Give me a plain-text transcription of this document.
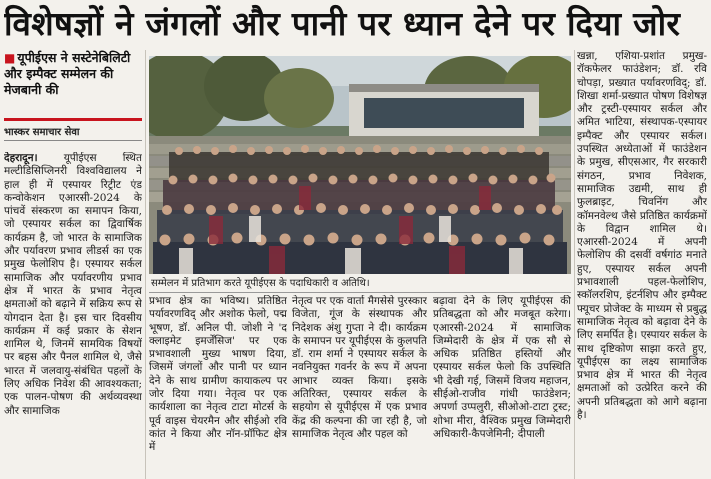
विशेषज्ञों ने जंगलों और पानी पर ध्यान देने पर दिया जोर
■ यूपीईएस ने सस्टेनेबिलिटी और इम्पैक्ट सम्मेलन की मेजबानी की
भास्कर समाचार सेवा
देहरादून। यूपीईएस स्थित मल्टीडिसिप्लिनरी विश्वविद्यालय ने हाल ही में एस्पायर रिट्रीट एंड कन्वोकेशन एआरसी-2024 के पांचवें संस्करण का समापन किया, जो एस्पायर सर्कल का द्विवार्षिक कार्यक्रम है, जो भारत के सामाजिक और पर्यावरण प्रभाव लीडर्स का एक प्रमुख फेलोशिप है। एस्पायर सर्कल सामाजिक और पर्यावरणीय प्रभाव क्षेत्र में भारत के प्रभाव नेतृत्व क्षमताओं को बढ़ाने में सक्रिय रूप से योगदान देता है। इस चार दिवसीय कार्यक्रम में कई प्रकार के सेशन शामिल थे, जिनमें सामयिक विषयों पर बहस और पैनल शामिल थे, जैसे भारत में जलवायु-संबंधित पहलों के लिए अधिक निवेश की आवश्यकता; एक पालन-पोषण की अर्थव्यवस्था और सामाजिक
सम्मेलन में प्रतिभाग करते यूपीईएस के पदाधिकारी व अतिथि।
प्रभाव क्षेत्र का भविष्य। प्रतिष्ठित पर्यावरणविद् और अशोक फेलो, पद्म भूषण, डॉ. अनिल पी. जोशी ने 'द क्लाइमेट इमर्जेंसिज' पर एक प्रभावशाली मुख्य भाषण दिया, जिसमें जंगलों और पानी पर ध्यान देने के साथ ग्रामीण कायाकल्प पर जोर दिया गया। नेतृत्व पर एक कार्यशाला का नेतृत्व टाटा मोटर्स के पूर्व वाइस चेयरमैन और सीईओ रवि कांत ने किया और नॉन-प्रॉफिट क्षेत्र में
नेतृत्व पर एक वार्ता मैगसेसे पुरस्कार विजेता, गूंज के संस्थापक और निदेशक अंशु गुप्ता ने दी। कार्यक्रम के समापन पर यूपीईएस के कुलपति डॉ. राम शर्मा ने एस्पायर सर्कल के नवनियुक्त गवर्नर के रूप में अपना आभार व्यक्त किया। इसके अतिरिक्त, एस्पायर सर्कल के सहयोग से यूपीईएस में एक प्रभाव केंद्र की कल्पना की जा रही है, जो सामाजिक नेतृत्व और पहल को
बढ़ावा देने के लिए यूपीईएस की प्रतिबद्धता को और मजबूत करेगा। एआरसी-2024 में सामाजिक जिम्मेदारी के क्षेत्र में एक सौ से अधिक प्रतिष्ठित हस्तियों और एस्पायर सर्कल फेलो कि उपस्थिति भी देखी गई, जिसमें विजय महाजन, सीईओ-राजीव गांधी फाउंडेशन; अपर्णा उप्पलुरी, सीओओ-टाटा ट्रस्ट; शोभा मीरा, वैश्विक प्रमुख जिम्मेदारी अधिकारी-कैपजेमिनी; दीपाली
खन्ना, एशिया-प्रशांत प्रमुख-रॉकफेलर फाउंडेशन; डॉ. रवि चोपड़ा, प्रख्यात पर्यावरणविद्; डॉ. शिखा शर्मा-प्रख्यात पोषण विशेषज्ञ और ट्रस्टी-एस्पायर सर्कल और अमित भाटिया, संस्थापक-एस्पायर इम्पैक्ट और एस्पायर सर्कल। उपस्थित अध्येताओं में फाउंडेशन के प्रमुख, सीएसआर, गैर सरकारी संगठन, प्रभाव निवेशक, सामाजिक उद्यमी, साथ ही फुलब्राइट, चिवनिंग और कॉमनवेल्थ जैसे प्रतिष्ठित कार्यक्रमों के विद्वान शामिल थे। एआरसी-2024 में अपनी फेलोशिप की दसवीं वर्षगांठ मनाते हुए, एस्पायर सर्कल अपनी प्रभावशाली पहल-फेलोशिप, स्कॉलरशिप, इंटर्नशिप और इम्पैक्ट फ्यूचर प्रोजेक्ट के माध्यम से प्रबुद्ध सामाजिक नेतृत्व को बढ़ावा देने के लिए समर्पित है। एस्पायर सर्कल के साथ दृष्टिकोण साझा करते हुए, यूपीईएस का लक्ष्य सामाजिक प्रभाव क्षेत्र में भारत की नेतृत्व क्षमताओं को उत्प्रेरित करने की अपनी प्रतिबद्धता को आगे बढ़ाना है।
